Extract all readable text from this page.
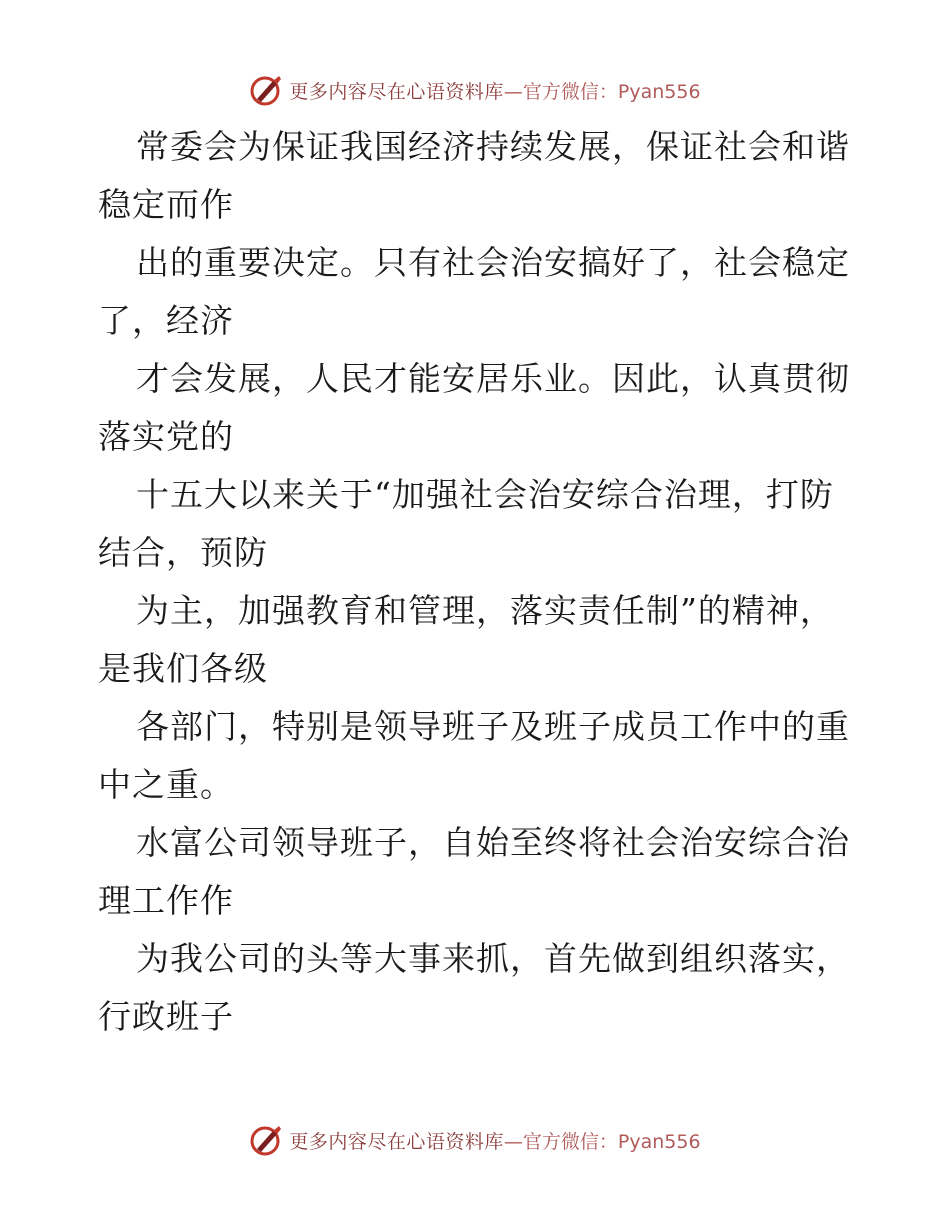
更多内容尽在心语资料库 —官方微信：Pyan556
常委会为保证我国经济持续发展，保证社会和谐
稳定而作
出的重要决定。只有社会治安搞好了，社会稳定
了，经济
才会发展，人民才能安居乐业。因此，认真贯彻
落实党的
十五大以来关于“加强社会治安综合治理，打防
结合，预防
为主，加强教育和管理，落实责任制”的精神，
是我们各级
各部门，特别是领导班子及班子成员工作中的重
中之重。
水富公司领导班子，自始至终将社会治安综合治
理工作作
为我公司的头等大事来抓，首先做到组织落实，
行政班子
更多内容尽在心语资料库 —官方微信：Pyan556
